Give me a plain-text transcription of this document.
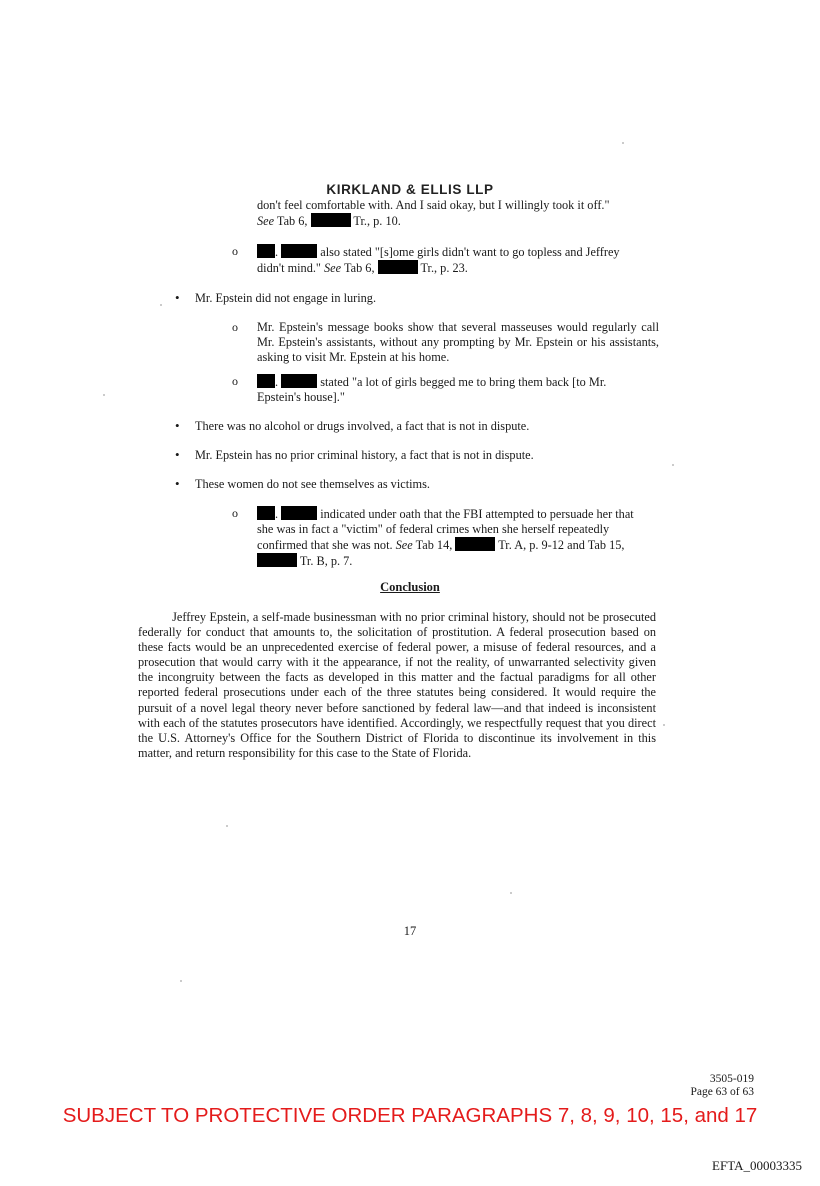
KIRKLAND & ELLIS LLP
don't feel comfortable with. And I said okay, but I willingly took it off."
See Tab 6,	Tr., p. 10.
o	.	also stated "[s]ome girls didn't want to go topless and Jeffrey
didn't mind." See Tab 6,	Tr., p. 23.
• Mr. Epstein did not engage in luring.
o Mr. Epstein's message books show that several masseuses would regularly call Mr. Epstein's assistants, without any prompting by Mr. Epstein or his assistants, asking to visit Mr. Epstein at his home.
o	.	stated "a lot of girls begged me to bring them back [to Mr.
Epstein's house]."
• There was no alcohol or drugs involved, a fact that is not in dispute.
• Mr. Epstein has no prior criminal history, a fact that is not in dispute.
• These women do not see themselves as victims.
o	.	indicated under oath that the FBI attempted to persuade her that
she was in fact a "victim" of federal crimes when she herself repeatedly
confirmed that she was not. See Tab 14,	Tr. A, p. 9-12 and Tab 15,
Tr. B, p. 7.
Conclusion
Jeffrey Epstein, a self-made businessman with no prior criminal history, should not be prosecuted federally for conduct that amounts to, the solicitation of prostitution. A federal prosecution based on these facts would be an unprecedented exercise of federal power, a misuse of federal resources, and a prosecution that would carry with it the appearance, if not the reality, of unwarranted selectivity given the incongruity between the facts as developed in this matter and the factual paradigms for all other reported federal prosecutions under each of the three statutes being considered. It would require the pursuit of a novel legal theory never before sanctioned by federal law—and that indeed is inconsistent with each of the statutes prosecutors have identified. Accordingly, we respectfully request that you direct the U.S. Attorney's Office for the Southern District of Florida to discontinue its involvement in this matter, and return responsibility for this case to the State of Florida.
17
3505-019
Page 63 of 63
SUBJECT TO PROTECTIVE ORDER PARAGRAPHS 7, 8, 9, 10, 15, and 17
EFTA_00003335
